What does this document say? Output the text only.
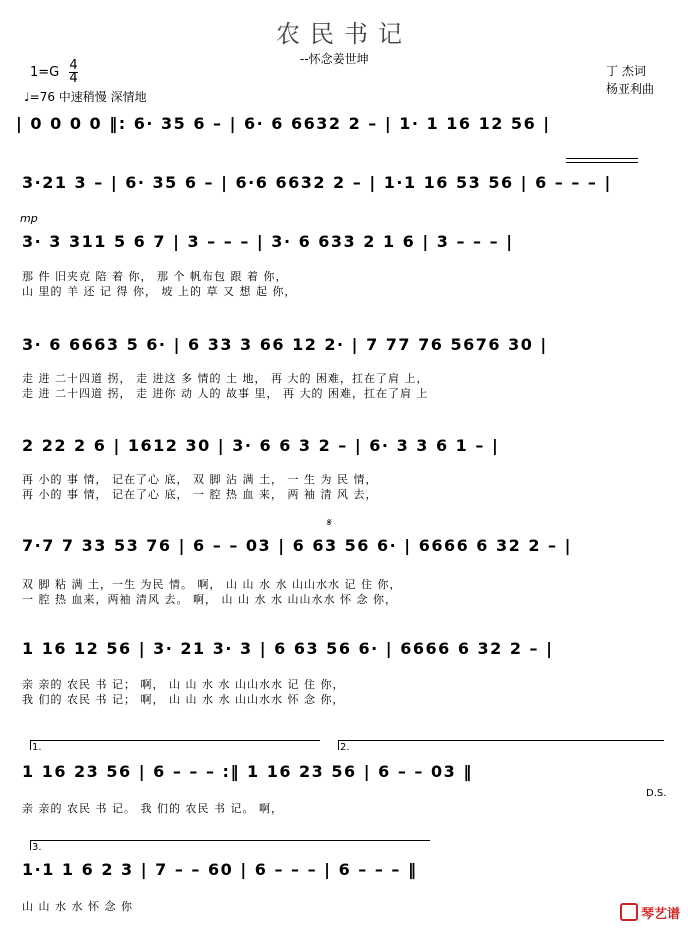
农民书记
--怀念姜世坤
$1=G \frac{4}{4}$
♩=76 中速稍慢 深情地
丁 杰词
杨亚利曲
| 0 0 0 0 ‖: 6· 35 6 – | 6· 6 6632 2 – | 1· 1 16 12 56 |
3·21 3 – | 6· 35 6 – | 6·6 6632 2 – | 1·1 16 53 56 | 6 – – – |
mp
3· 3 311 5 6 7 | 3 – – – | 3· 6 633 2 1 6 | 3 – – – |
那 件 旧夹克 陪 着 你， 那 个 帆布包 跟 着 你，
山 里的 羊 还 记 得 你， 坡 上的 草 又 想 起 你，
3· 6 6663 5 6· | 6 33 3 66 12 2· | 7 77 76 5676 30 |
走 进 二十四道 拐， 走 进这 多 情的 土 地， 再 大的 困难，扛在了肩 上，
走 进 二十四道 拐， 走 进你 动 人的 故事 里， 再 大的 困难，扛在了肩 上
2 22 2 6 | 1612 30 | 3· 6 6 3 2 – | 6· 3 3 6 1 – |
再 小的 事 情， 记在了心 底， 双 脚 沾 满 土， 一 生 为 民 情，
再 小的 事 情， 记在了心 底， 一 腔 热 血 来， 两 袖 清 风 去，
𝄋
7·7 7 33 53 76 | 6 – – 03 | 6 63 56 6· | 6666 6 32 2 – |
双 脚 粘 满 土，一生 为民 情。 啊， 山 山 水 水 山山水水 记 住 你，
一 腔 热 血来，两袖 清风 去。 啊， 山 山 水 水 山山水水 怀 念 你，
1 16 12 56 | 3· 21 3· 3 | 6 63 56 6· | 6666 6 32 2 – |
亲 亲的 农民 书 记； 啊， 山 山 水 水 山山水水 记 住 你，
我 们的 农民 书 记； 啊， 山 山 水 水 山山水水 怀 念 你，
1.	2.
1 16 23 56 | 6 – – – :‖ 1 16 23 56 | 6 – – 03 ‖
D.S.
亲 亲的 农民 书 记。 我 们的 农民 书 记。 啊，
3.
1·1 1 6 2 3 | 7 – – 60 | 6 – – – | 6 – – – ‖
山 山 水 水 怀 念 你
琴艺谱
